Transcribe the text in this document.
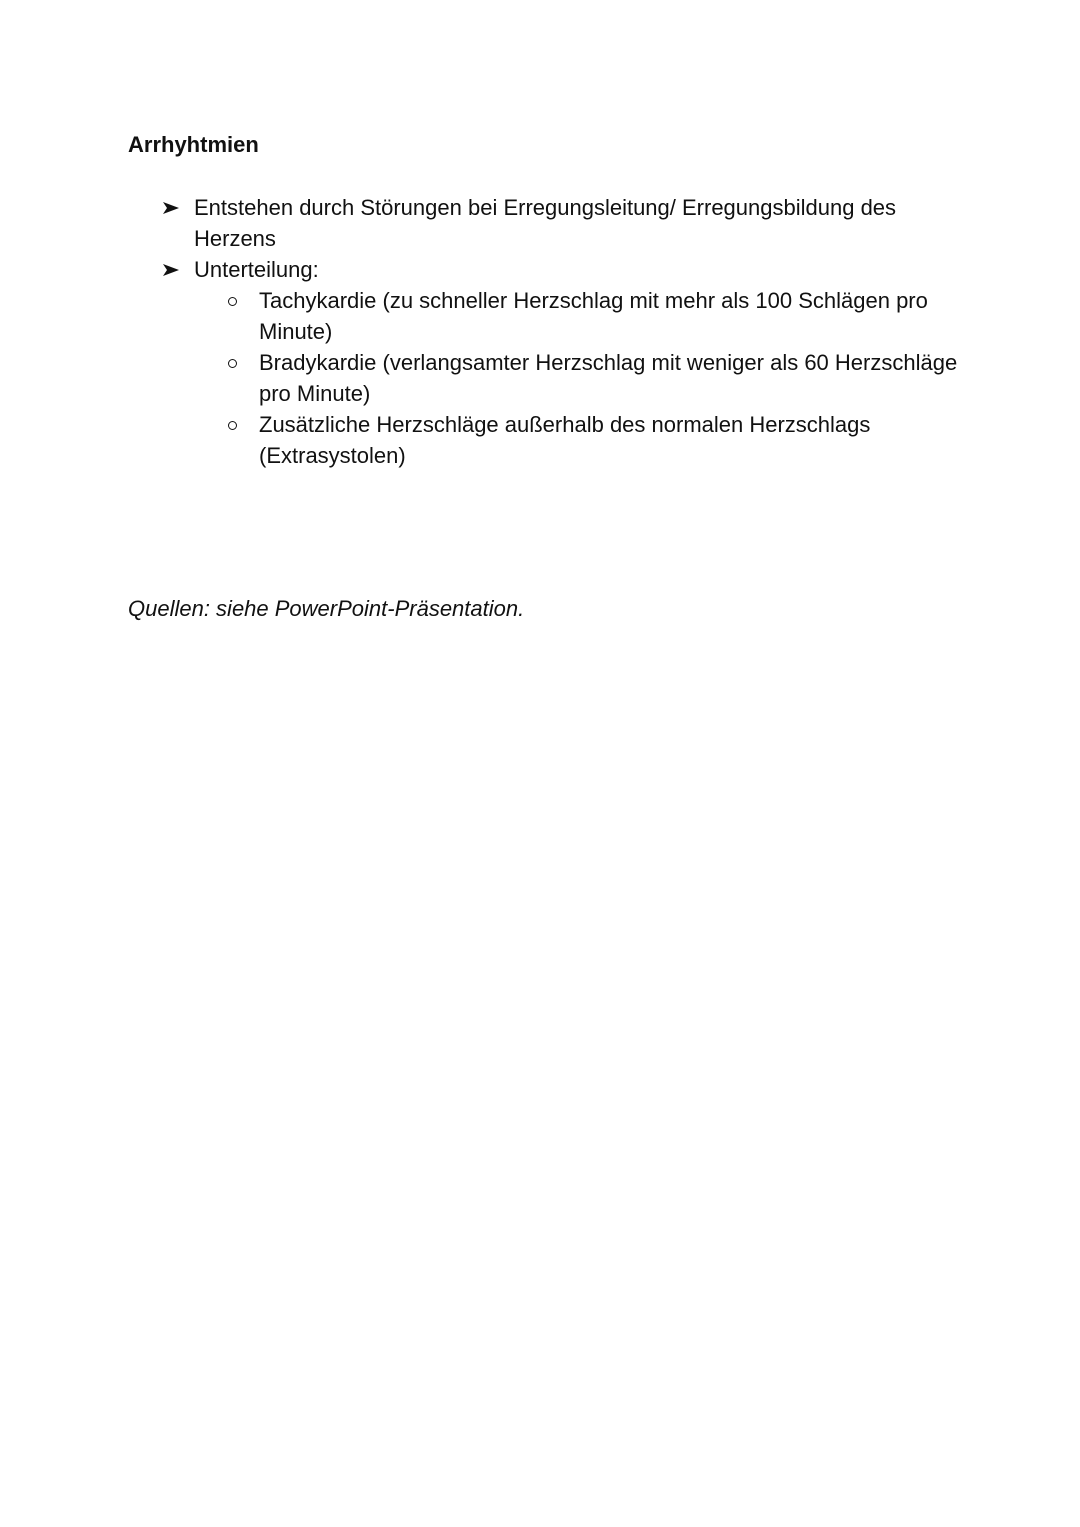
Arrhyhtmien
Entstehen durch Störungen bei Erregungsleitung/ Erregungsbildung des Herzens
Unterteilung:
Tachykardie (zu schneller Herzschlag mit mehr als 100 Schlägen pro Minute)
Bradykardie (verlangsamter Herzschlag mit weniger als 60 Herzschläge pro Minute)
Zusätzliche Herzschläge außerhalb des normalen Herzschlags (Extrasystolen)

Quellen: siehe PowerPoint-Präsentation.
